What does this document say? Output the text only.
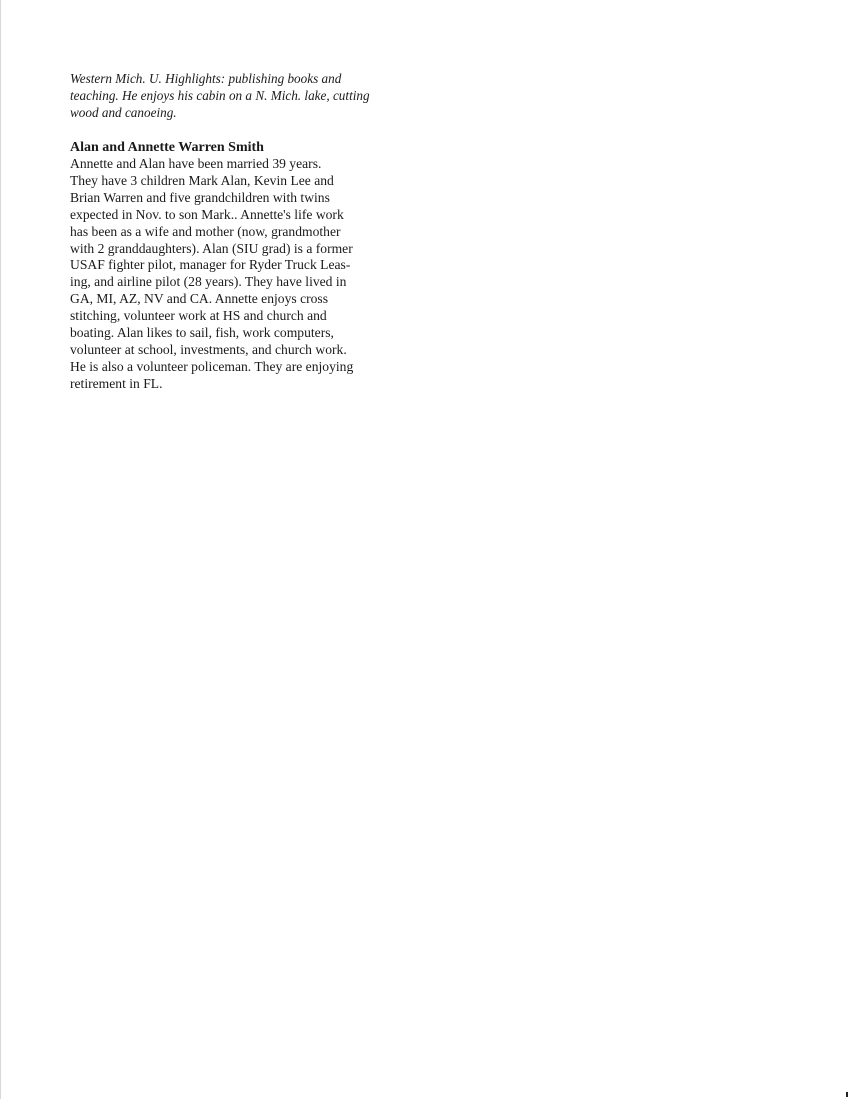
Western Mich. U. Highlights: publishing books and
teaching. He enjoys his cabin on a N. Mich. lake, cutting
wood and canoeing.

Alan and Annette Warren Smith

Annette and Alan have been married 39 years.
They have 3 children Mark Alan, Kevin Lee and
Brian Warren and five grandchildren with twins
expected in Nov. to son Mark.. Annette's life work
has been as a wife and mother (now, grandmother
with 2 granddaughters). Alan (SIU grad) is a former
USAF fighter pilot, manager for Ryder Truck Leas-
ing, and airline pilot (28 years). They have lived in
GA, MI, AZ, NV and CA. Annette enjoys cross
stitching, volunteer work at HS and church and
boating. Alan likes to sail, fish, work computers,
volunteer at school, investments, and church work.
He is also a volunteer policeman. They are enjoying
retirement in FL.
